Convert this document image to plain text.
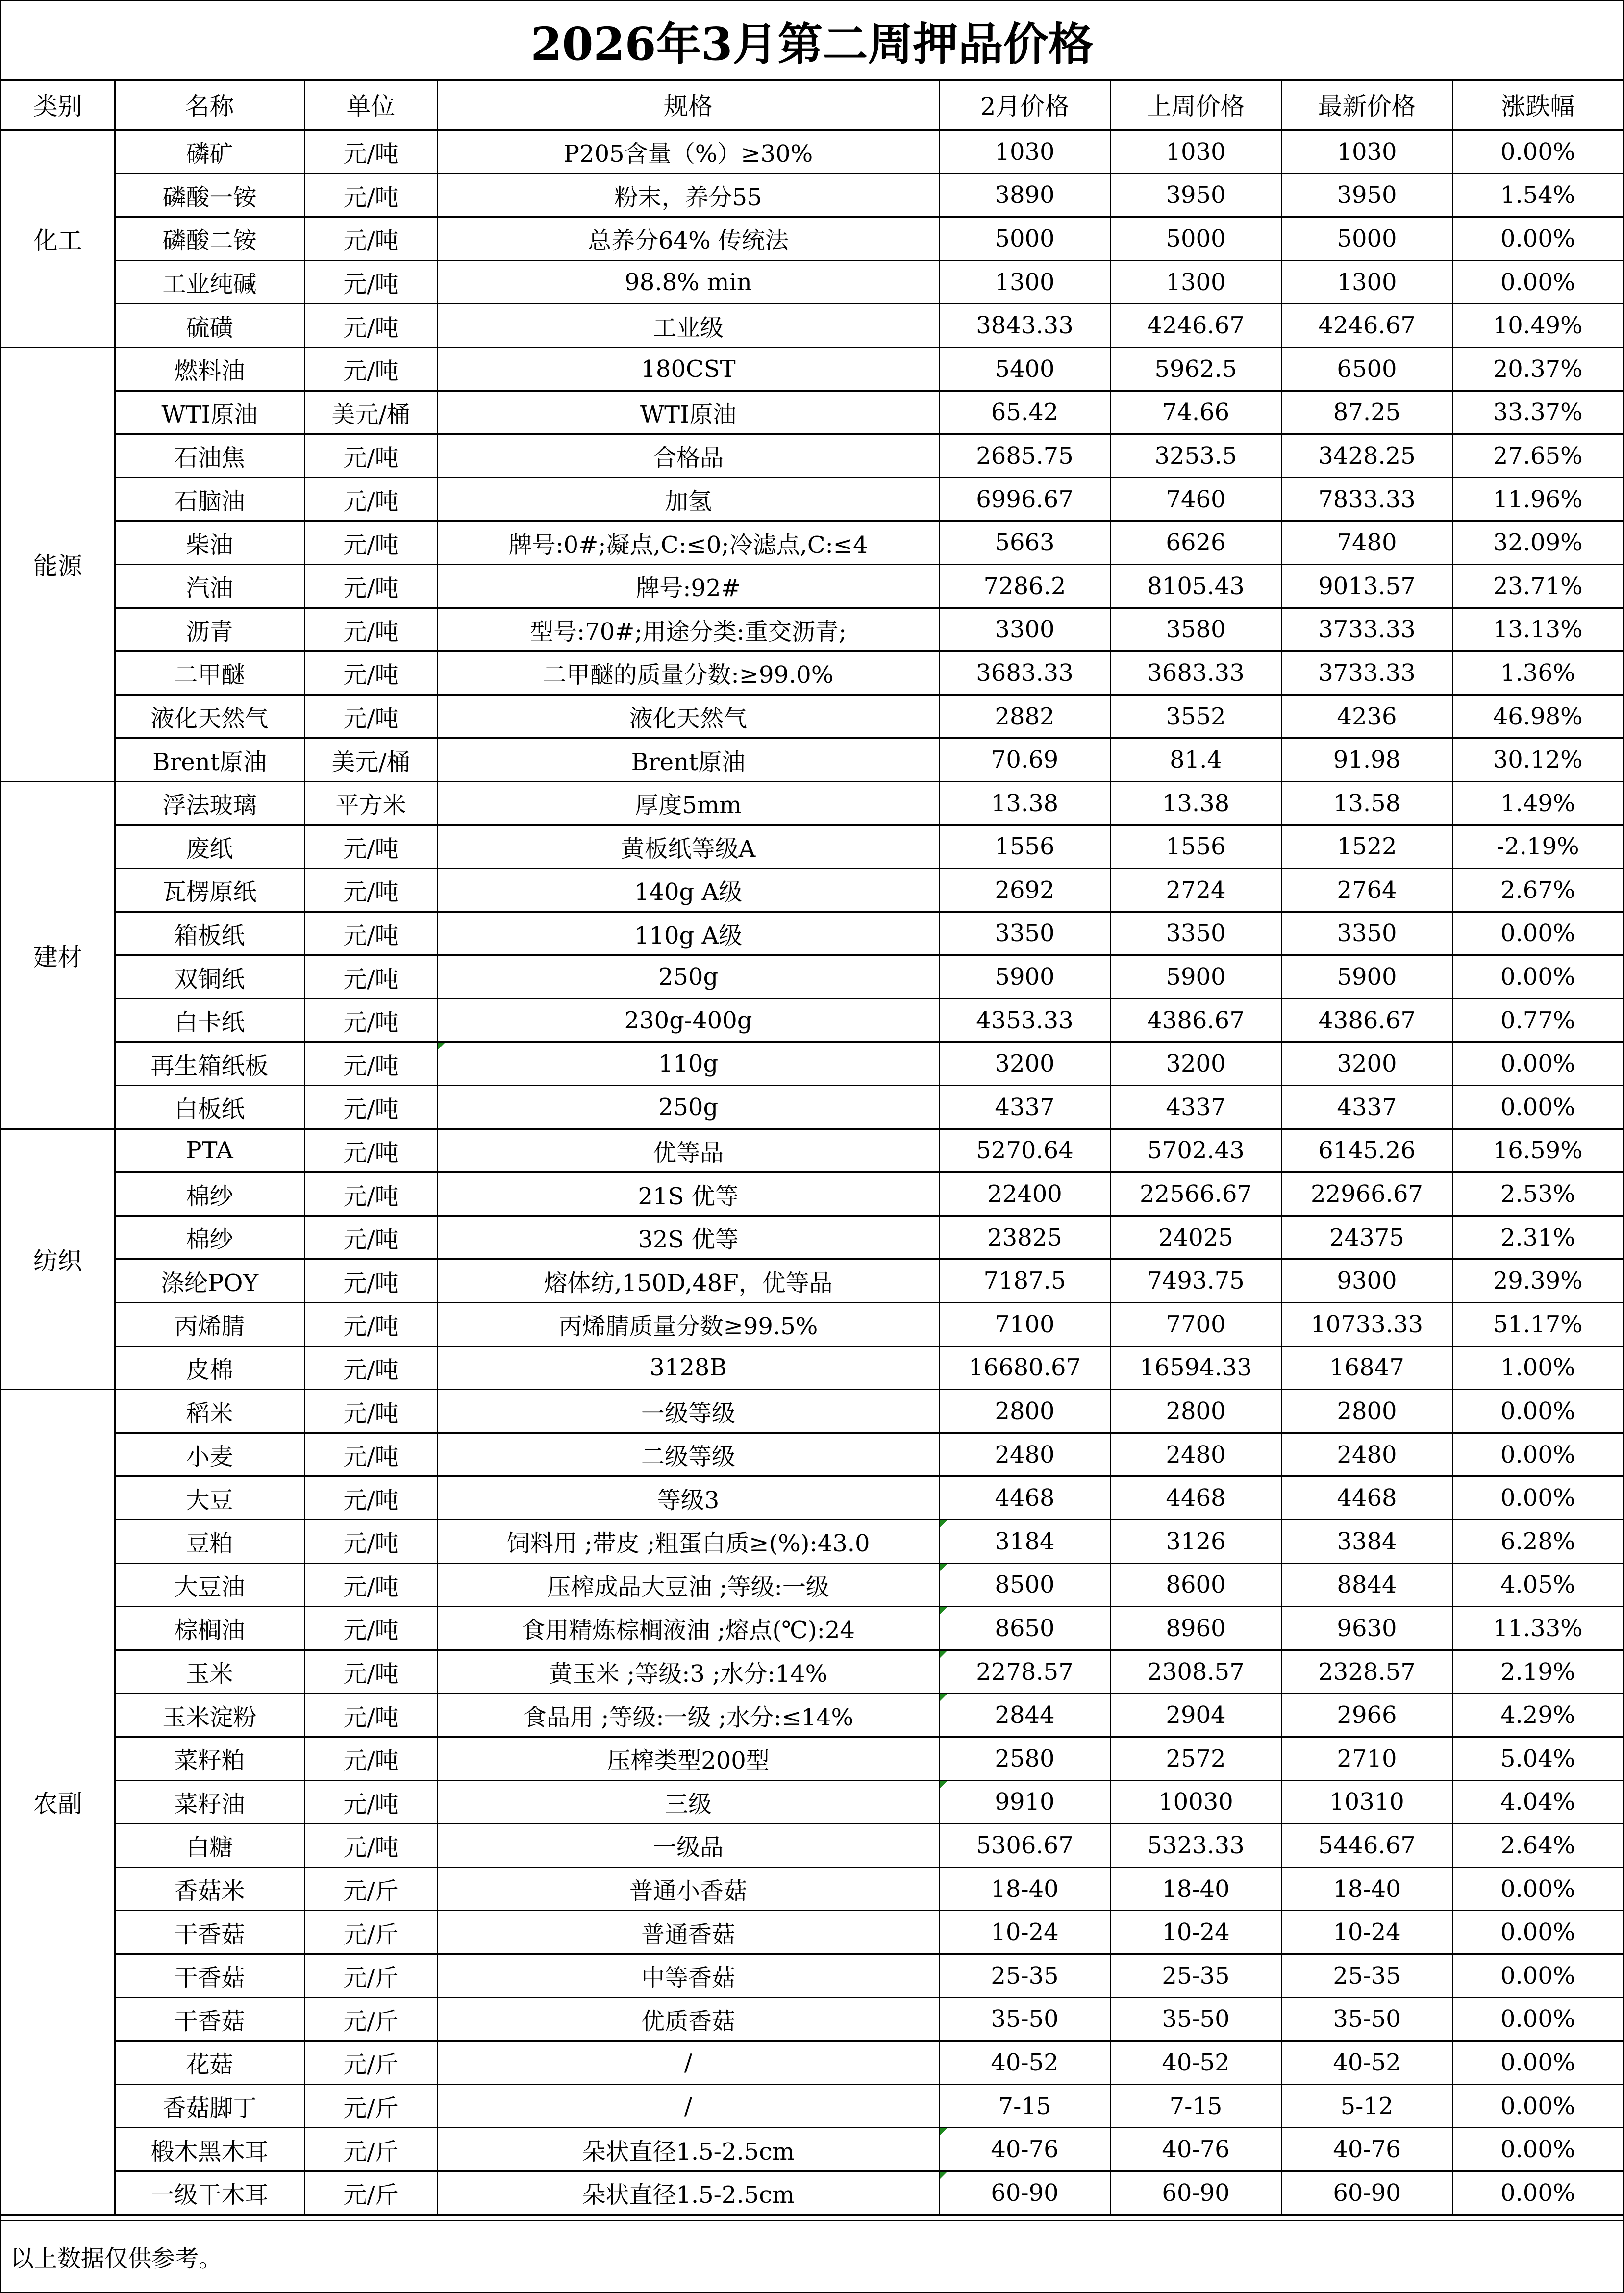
2026年3月第二周押品价格
类别	名称	单位	规格	2月价格	上周价格	最新价格	涨跌幅
化工	磷矿	元/吨	P205含量（%）≥30%	1030	1030	1030	0.00%
	磷酸一铵	元/吨	粉末，养分55	3890	3950	3950	1.54%
	磷酸二铵	元/吨	总养分64% 传统法	5000	5000	5000	0.00%
	工业纯碱	元/吨	98.8% min	1300	1300	1300	0.00%
	硫磺	元/吨	工业级	3843.33	4246.67	4246.67	10.49%
能源	燃料油	元/吨	180CST	5400	5962.5	6500	20.37%
	WTI原油	美元/桶	WTI原油	65.42	74.66	87.25	33.37%
	石油焦	元/吨	合格品	2685.75	3253.5	3428.25	27.65%
	石脑油	元/吨	加氢	6996.67	7460	7833.33	11.96%
	柴油	元/吨	牌号:0#;凝点,C:≤0;冷滤点,C:≤4	5663	6626	7480	32.09%
	汽油	元/吨	牌号:92#	7286.2	8105.43	9013.57	23.71%
	沥青	元/吨	型号:70#;用途分类:重交沥青;	3300	3580	3733.33	13.13%
	二甲醚	元/吨	二甲醚的质量分数:≥99.0%	3683.33	3683.33	3733.33	1.36%
	液化天然气	元/吨	液化天然气	2882	3552	4236	46.98%
	Brent原油	美元/桶	Brent原油	70.69	81.4	91.98	30.12%
建材	浮法玻璃	平方米	厚度5mm	13.38	13.38	13.58	1.49%
	废纸	元/吨	黄板纸等级A	1556	1556	1522	-2.19%
	瓦楞原纸	元/吨	140g A级	2692	2724	2764	2.67%
	箱板纸	元/吨	110g A级	3350	3350	3350	0.00%
	双铜纸	元/吨	250g	5900	5900	5900	0.00%
	白卡纸	元/吨	230g-400g	4353.33	4386.67	4386.67	0.77%
	再生箱纸板	元/吨	110g	3200	3200	3200	0.00%
	白板纸	元/吨	250g	4337	4337	4337	0.00%
纺织	PTA	元/吨	优等品	5270.64	5702.43	6145.26	16.59%
	棉纱	元/吨	21S 优等	22400	22566.67	22966.67	2.53%
	棉纱	元/吨	32S 优等	23825	24025	24375	2.31%
	涤纶POY	元/吨	熔体纺,150D,48F，优等品	7187.5	7493.75	9300	29.39%
	丙烯腈	元/吨	丙烯腈质量分数≥99.5%	7100	7700	10733.33	51.17%
	皮棉	元/吨	3128B	16680.67	16594.33	16847	1.00%
农副	稻米	元/吨	一级等级	2800	2800	2800	0.00%
	小麦	元/吨	二级等级	2480	2480	2480	0.00%
	大豆	元/吨	等级3	4468	4468	4468	0.00%
	豆粕	元/吨	饲料用 ;带皮 ;粗蛋白质≥(%):43.0	3184	3126	3384	6.28%
	大豆油	元/吨	压榨成品大豆油 ;等级:一级	8500	8600	8844	4.05%
	棕榈油	元/吨	食用精炼棕榈液油 ;熔点(℃):24	8650	8960	9630	11.33%
	玉米	元/吨	黄玉米 ;等级:3 ;水分:14%	2278.57	2308.57	2328.57	2.19%
	玉米淀粉	元/吨	食品用 ;等级:一级 ;水分:≤14%	2844	2904	2966	4.29%
	菜籽粕	元/吨	压榨类型200型	2580	2572	2710	5.04%
	菜籽油	元/吨	三级	9910	10030	10310	4.04%
	白糖	元/吨	一级品	5306.67	5323.33	5446.67	2.64%
	香菇米	元/斤	普通小香菇	18-40	18-40	18-40	0.00%
	干香菇	元/斤	普通香菇	10-24	10-24	10-24	0.00%
	干香菇	元/斤	中等香菇	25-35	25-35	25-35	0.00%
	干香菇	元/斤	优质香菇	35-50	35-50	35-50	0.00%
	花菇	元/斤	/	40-52	40-52	40-52	0.00%
	香菇脚丁	元/斤	/	7-15	7-15	5-12	0.00%
	椴木黑木耳	元/斤	朵状直径1.5-2.5cm	40-76	40-76	40-76	0.00%
	一级干木耳	元/斤	朵状直径1.5-2.5cm	60-90	60-90	60-90	0.00%
以上数据仅供参考。
